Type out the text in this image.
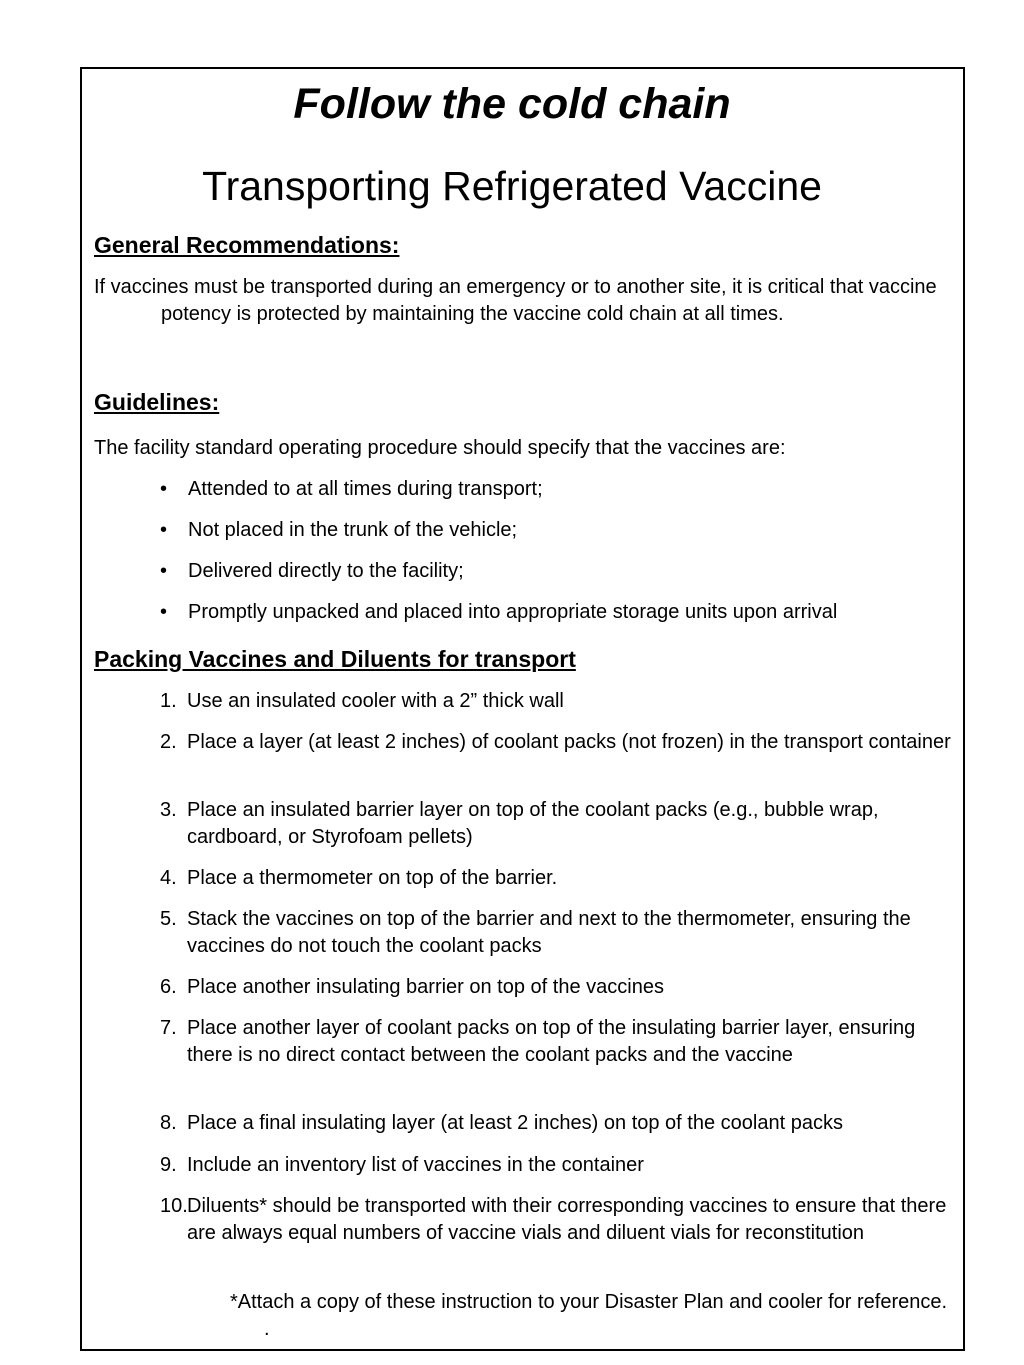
Follow the cold chain
Transporting Refrigerated Vaccine
General Recommendations:
If vaccines must be transported during an emergency or to another site, it is critical that vaccine potency is protected by maintaining the vaccine cold chain at all times.
Guidelines:
The facility standard operating procedure should specify that the vaccines are:
• Attended to at all times during transport;
• Not placed in the trunk of the vehicle;
• Delivered directly to the facility;
• Promptly unpacked and placed into appropriate storage units upon arrival
Packing Vaccines and Diluents for transport
1. Use an insulated cooler with a 2” thick wall
2. Place a layer (at least 2 inches) of coolant packs (not frozen) in the transport container
3. Place an insulated barrier layer on top of the coolant packs (e.g., bubble wrap, cardboard, or Styrofoam pellets)
4. Place a thermometer on top of the barrier.
5. Stack the vaccines on top of the barrier and next to the thermometer, ensuring the vaccines do not touch the coolant packs
6. Place another insulating barrier on top of the vaccines
7. Place another layer of coolant packs on top of the insulating barrier layer, ensuring there is no direct contact between the coolant packs and the vaccine
8. Place a final insulating layer (at least 2 inches) on top of the coolant packs
9. Include an inventory list of vaccines in the container
10. Diluents* should be transported with their corresponding vaccines to ensure that there are always equal numbers of vaccine vials and diluent vials for reconstitution
*Attach a copy of these instruction to your Disaster Plan and cooler for reference. .
